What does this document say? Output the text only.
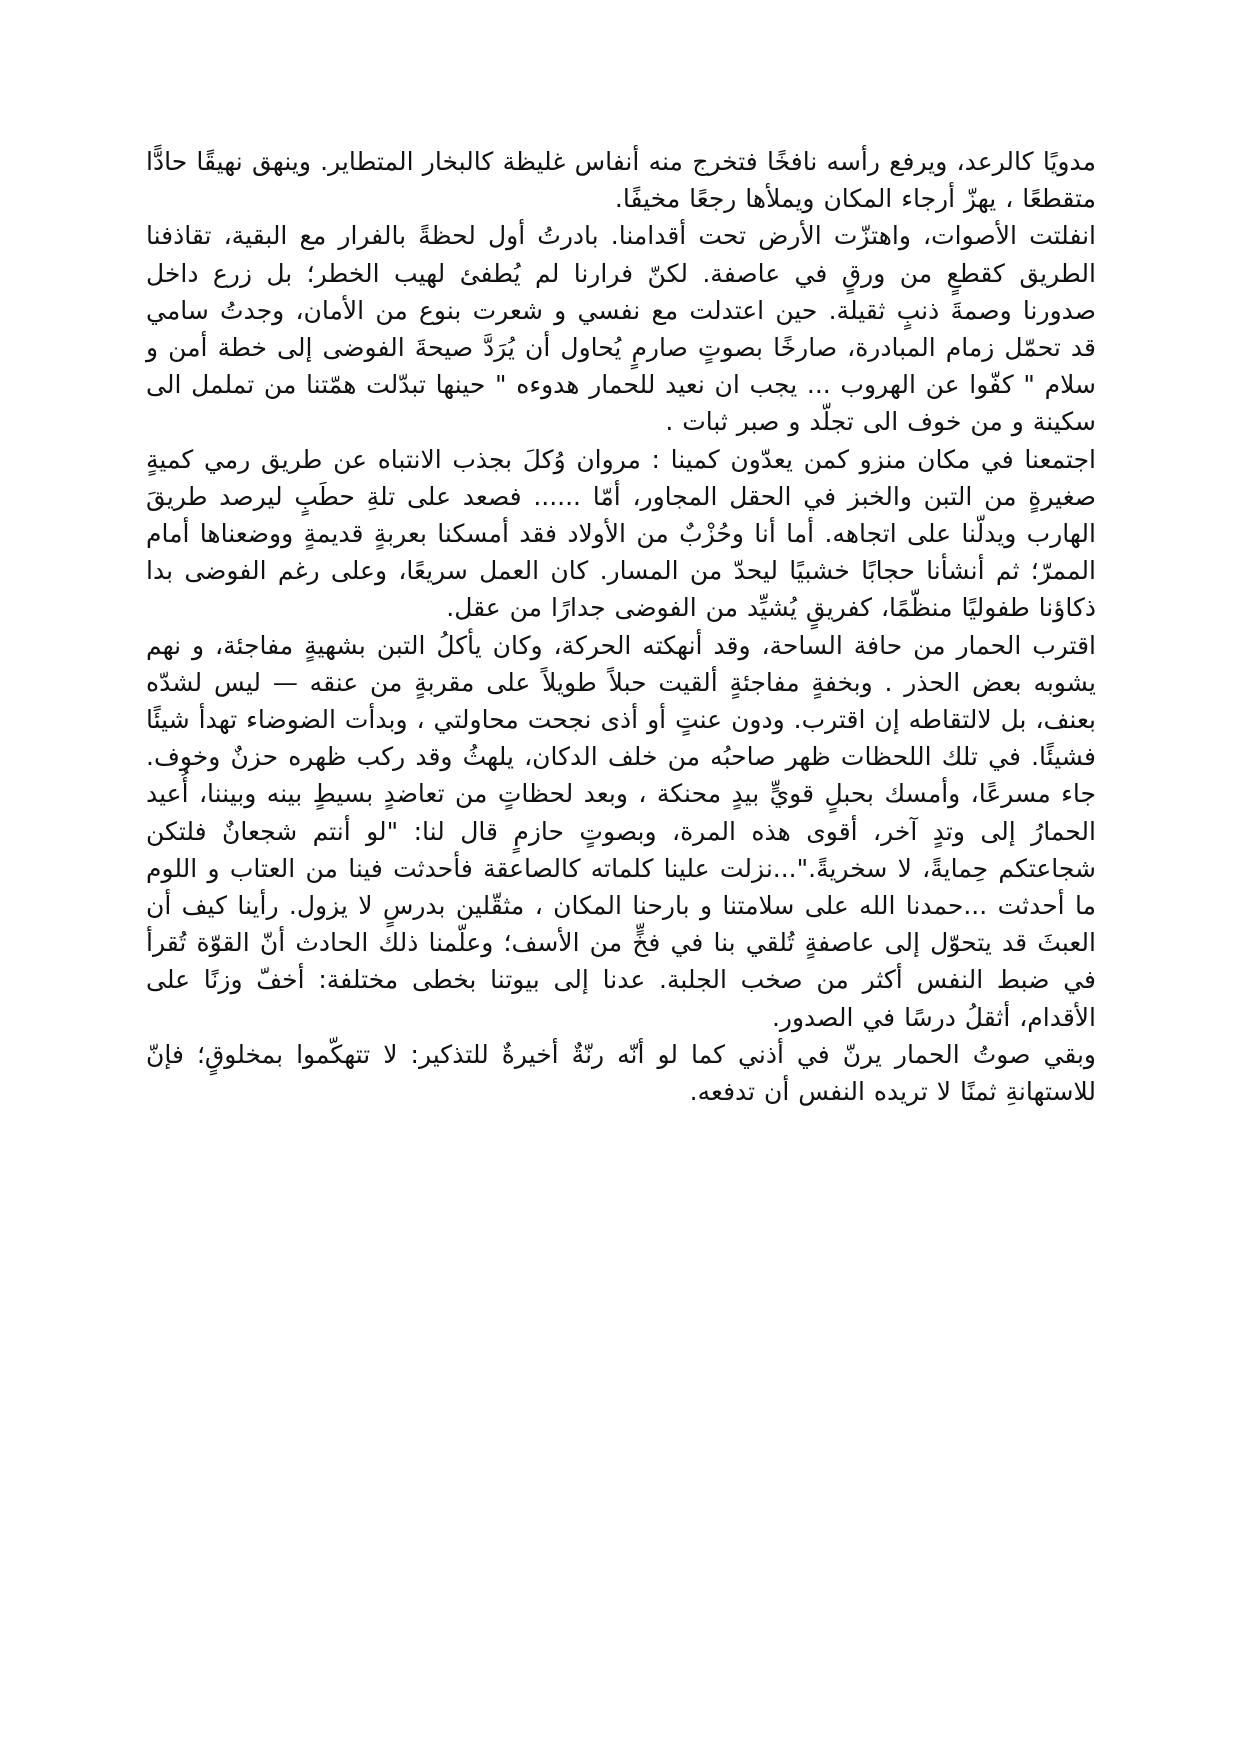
مدويًا كالرعد، ويرفع رأسه نافخًا فتخرج منه أنفاس غليظة كالبخار المتطاير. وينهق نهيقًا حادًّا متقطعًا ، يهزّ أرجاء المكان ويملأها رجعًا مخيفًا.

انفلتت الأصوات، واهتزّت الأرض تحت أقدامنا. بادرتُ أول لحظةً بالفرار مع البقية، تقاذفنا الطريق كقطعٍ من ورقٍ في عاصفة. لكنّ فرارنا لم يُطفئ لهيب الخطر؛ بل زرع داخل صدورنا وصمةَ ذنبٍ ثقيلة. حين اعتدلت مع نفسي و شعرت بنوع من الأمان، وجدتُ سامي قد تحمّل زمام المبادرة، صارخًا بصوتٍ صارمٍ يُحاول أن يُرَدَّ صيحةَ الفوضى إلى خطة أمن و سلام " كفّوا عن الهروب ... يجب ان نعيد للحمار هدوءه " حينها تبدّلت همّتنا من تململ الى سكينة و من خوف الى تجلّد و صبر ثبات .

اجتمعنا في مكان منزو كمن يعدّون كمينا : مروان وُكلَ بجذب الانتباه عن طريق رمي كميةٍ صغيرةٍ من التبن والخبز في الحقل المجاور، أمّا ...... فصعد على تلةِ حطَبٍ ليرصد طريقَ الهارب ويدلّنا على اتجاهه. أما أنا وحُزْبٌ من الأولاد فقد أمسكنا بعربةٍ قديمةٍ ووضعناها أمام الممرّ؛ ثم أنشأنا حجابًا خشبيًا ليحدّ من المسار. كان العمل سريعًا، وعلى رغم الفوضى بدا ذكاؤنا طفوليًا منظّمًا، كفريقٍ يُشيِّد من الفوضى جدارًا من عقل.

اقترب الحمار من حافة الساحة، وقد أنهكته الحركة، وكان يأكلُ التبن بشهيةٍ مفاجئة، و نهم يشوبه بعض الحذر . وبخفةٍ مفاجئةٍ ألقيت حبلاً طويلاً على مقربةٍ من عنقه — ليس لشدّه بعنف، بل لالتقاطه إن اقترب. ودون عنتٍ أو أذى نجحت محاولتي ، وبدأت الضوضاء تهدأ شيئًا فشيئًا. في تلك اللحظات ظهر صاحبُه من خلف الدكان، يلهثُ وقد ركب ظهره حزنٌ وخوف. جاء مسرعًا، وأمسك بحبلٍ قويٍّ بيدٍ محنكة ، وبعد لحظاتٍ من تعاضدٍ بسيطٍ بينه وبيننا، أُعيد الحمارُ إلى وتدٍ آخر، أقوى هذه المرة، وبصوتٍ حازمٍ قال لنا: "لو أنتم شجعانٌ فلتكن شجاعتكم حِمايةً، لا سخريةً."...نزلت علينا كلماته كالصاعقة فأحدثت فينا من العتاب و اللوم ما أحدثت ...حمدنا الله على سلامتنا و بارحنا المكان ، مثقّلين بدرسٍ لا يزول. رأينا كيف أن العبثَ قد يتحوّل إلى عاصفةٍ تُلقي بنا في فخٍّ من الأسف؛ وعلّمنا ذلك الحادث أنّ القوّة تُقرأ في ضبط النفس أكثر من صخب الجلبة. عدنا إلى بيوتنا بخطى مختلفة: أخفّ وزنًا على الأقدام، أثقلُ درسًا في الصدور.

وبقي صوتُ الحمار يرنّ في أذني كما لو أنّه رنّةٌ أخيرةٌ للتذكير: لا تتهكّموا بمخلوقٍ؛ فإنّ للاستهانةِ ثمنًا لا تريده النفس أن تدفعه.
